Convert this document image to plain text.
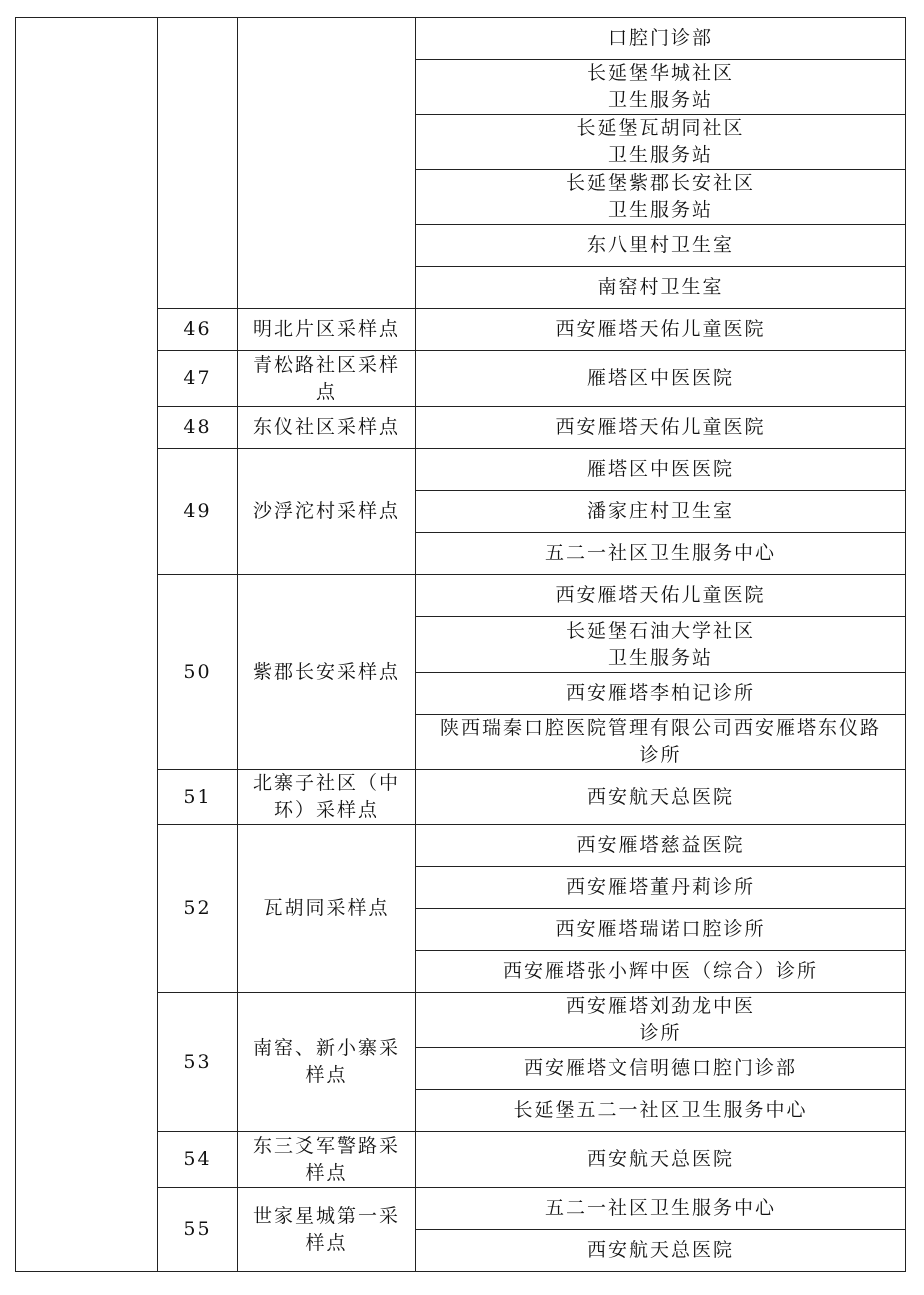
			口腔门诊部

			长延堡华城社区
卫生服务站

			长延堡瓦胡同社区
卫生服务站

			长延堡紫郡长安社区
卫生服务站

			东八里村卫生室

			南窑村卫生室

	46	明北片区采样点	西安雁塔天佑儿童医院

	47	青松路社区采样
点	雁塔区中医医院

	48	东仪社区采样点	西安雁塔天佑儿童医院

	49	沙浮沱村采样点	雁塔区中医医院

			潘家庄村卫生室

			五二一社区卫生服务中心

	50	紫郡长安采样点	西安雁塔天佑儿童医院

			长延堡石油大学社区
卫生服务站

			西安雁塔李柏记诊所

			陕西瑞秦口腔医院管理有限公司西安雁塔东仪路
诊所

	51	北寨子社区（中
环）采样点	西安航天总医院

	52	瓦胡同采样点	西安雁塔慈益医院

			西安雁塔董丹莉诊所

			西安雁塔瑞诺口腔诊所

			西安雁塔张小辉中医（综合）诊所

	53	南窑、新小寨采
样点	西安雁塔刘劲龙中医
诊所

			西安雁塔文信明德口腔门诊部

			长延堡五二一社区卫生服务中心

	54	东三爻军警路采
样点	西安航天总医院

	55	世家星城第一采
样点	五二一社区卫生服务中心

			西安航天总医院
